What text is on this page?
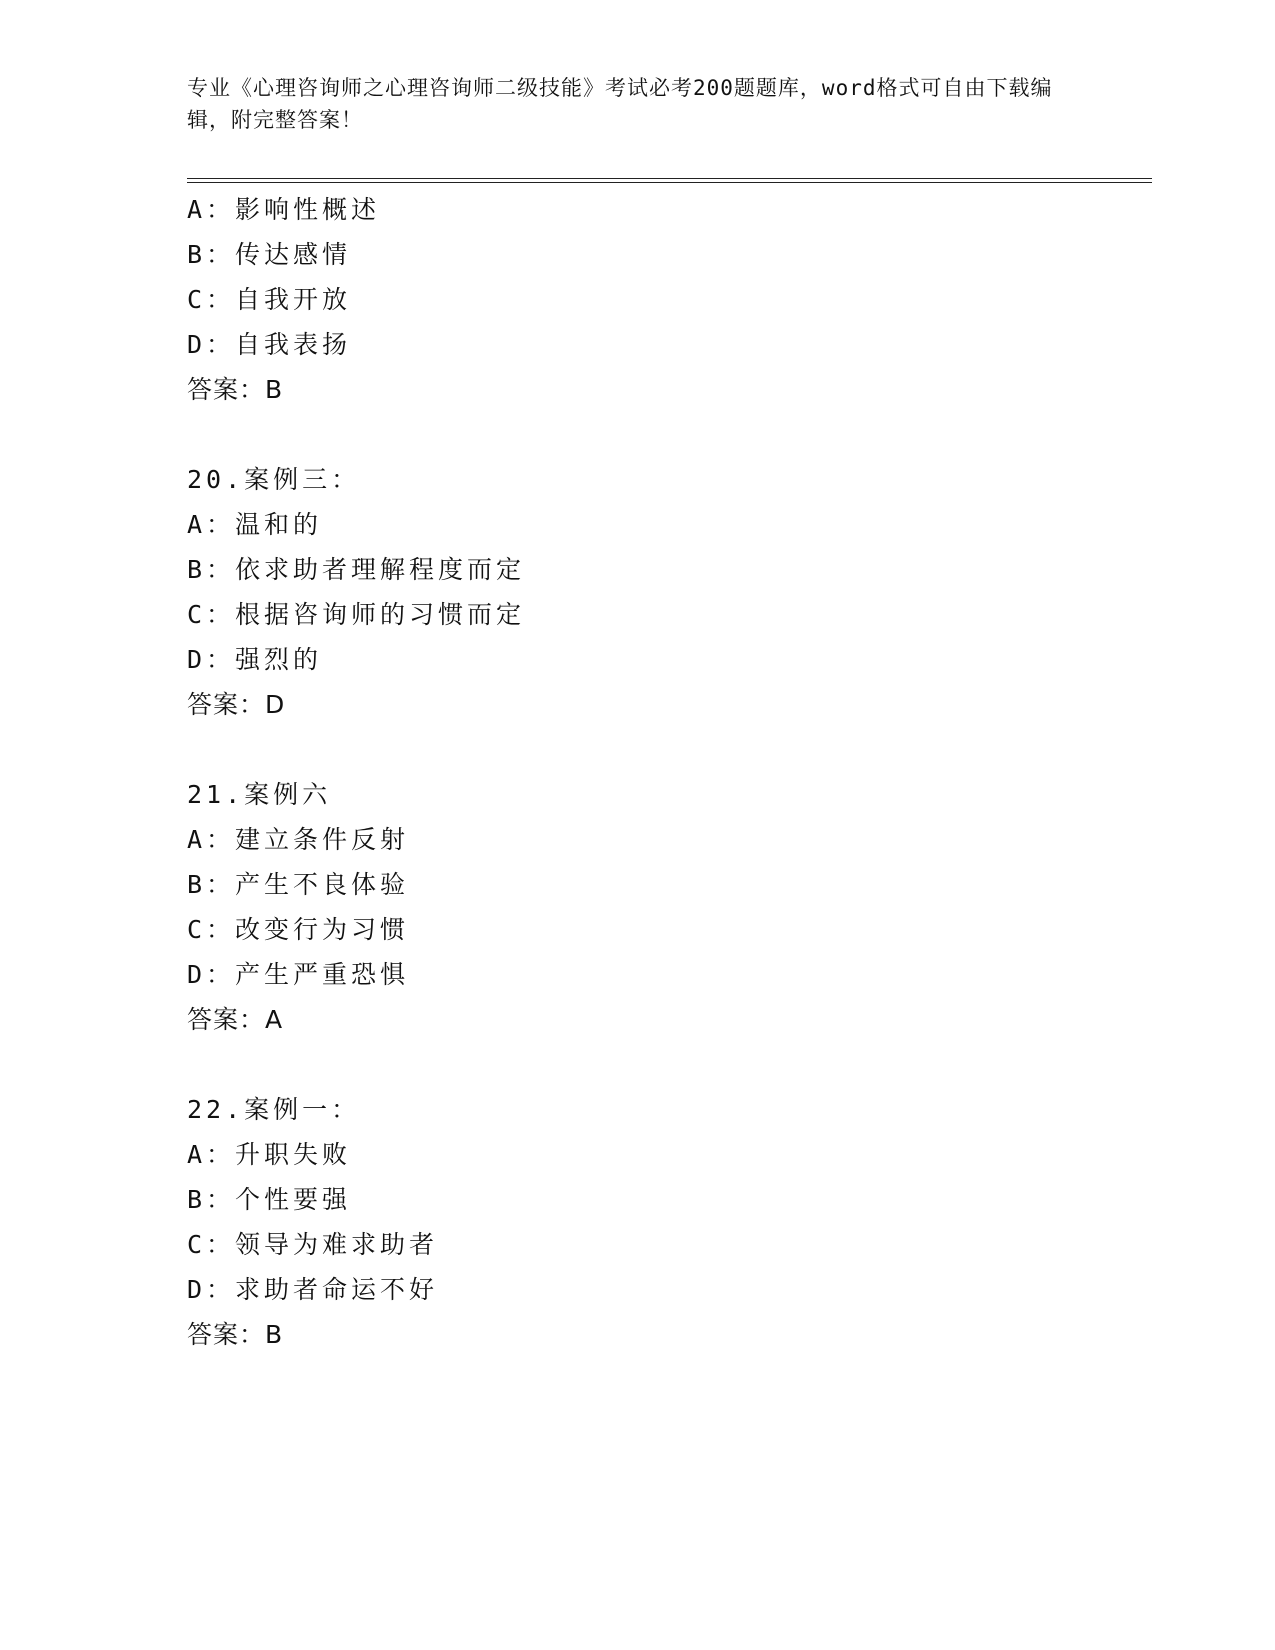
专业《心理咨询师之心理咨询师二级技能》考试必考200题题库，word格式可自由下载编辑，附完整答案！
A：影响性概述
B：传达感情
C：自我开放
D：自我表扬
答案：B
20.案例三：
A：温和的
B：依求助者理解程度而定
C：根据咨询师的习惯而定
D：强烈的
答案：D
21.案例六
A：建立条件反射
B：产生不良体验
C：改变行为习惯
D：产生严重恐惧
答案：A
22.案例一：
A：升职失败
B：个性要强
C：领导为难求助者
D：求助者命运不好
答案：B
